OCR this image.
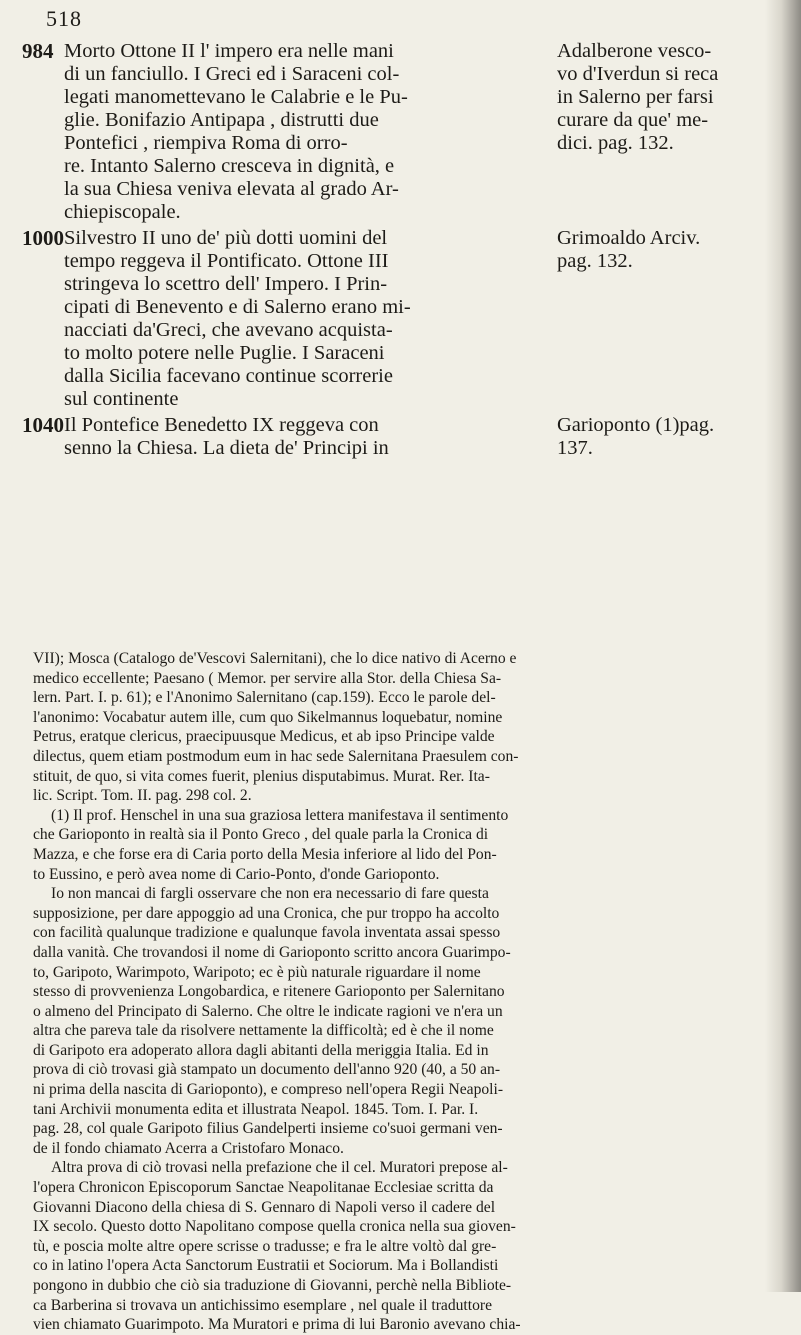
518
984 Morto Ottone II l' impero era nelle mani
di un fanciullo. I Greci ed i Saraceni col-
legati manomettevano le Calabrie e le Pu-
glie. Bonifazio Antipapa , distrutti due
Pontefici , riempiva Roma di orro-
re. Intanto Salerno cresceva in dignità, e
la sua Chiesa veniva elevata al grado Ar-
chiepiscopale.
Adalberone vesco-
vo d'Iverdun si reca
in Salerno per farsi
curare da que' me-
dici. pag. 132.
1000 Silvestro II uno de' più dotti uomini del
tempo reggeva il Pontificato. Ottone III
stringeva lo scettro dell' Impero. I Prin-
cipati di Benevento e di Salerno erano mi-
nacciati da'Greci, che avevano acquista-
to molto potere nelle Puglie. I Saraceni
dalla Sicilia facevano continue scorrerie
sul continente
Grimoaldo Arciv.
pag. 132.
1040 Il Pontefice Benedetto IX reggeva con
senno la Chiesa. La dieta de' Principi in
Garioponto (1)pag.
137.
VII); Mosca (Catalogo de'Vescovi Salernitani), che lo dice nativo di Acerno e
medico eccellente; Paesano ( Memor. per servire alla Stor. della Chiesa Sa-
lern. Part. I. p. 61); e l'Anonimo Salernitano (cap.159). Ecco le parole del-
l'anonimo: Vocabatur autem ille, cum quo Sikelmannus loquebatur, nomine
Petrus, eratque clericus, praecipuusque Medicus, et ab ipso Principe valde
dilectus, quem etiam postmodum eum in hac sede Salernitana Praesulem con-
stituit, de quo, si vita comes fuerit, plenius disputabimus. Murat. Rer. Ita-
lic. Script. Tom. II. pag. 298 col. 2.
(1) Il prof. Henschel in una sua graziosa lettera manifestava il sentimento
che Garioponto in realtà sia il Ponto Greco , del quale parla la Cronica di
Mazza, e che forse era di Caria porto della Mesia inferiore al lido del Pon-
to Eussino, e però avea nome di Cario-Ponto, d'onde Garioponto.
Io non mancai di fargli osservare che non era necessario di fare questa
supposizione, per dare appoggio ad una Cronica, che pur troppo ha accolto
con facilità qualunque tradizione e qualunque favola inventata assai spesso
dalla vanità. Che trovandosi il nome di Garioponto scritto ancora Guarimpo-
to, Garipoto, Warimpoto, Waripoto; ec è più naturale riguardare il nome
stesso di provvenienza Longobardica, e ritenere Garioponto per Salernitano
o almeno del Principato di Salerno. Che oltre le indicate ragioni ve n'era un
altra che pareva tale da risolvere nettamente la difficoltà; ed è che il nome
di Garipoto era adoperato allora dagli abitanti della meriggia Italia. Ed in
prova di ciò trovasi già stampato un documento dell'anno 920 (40, a 50 an-
ni prima della nascita di Garioponto), e compreso nell'opera Regii Neapoli-
tani Archivii monumenta edita et illustrata Neapol. 1845. Tom. I. Par. I.
pag. 28, col quale Garipoto filius Gandelperti insieme co'suoi germani ven-
de il fondo chiamato Acerra a Cristofaro Monaco.
Altra prova di ciò trovasi nella prefazione che il cel. Muratori prepose al-
l'opera Chronicon Episcoporum Sanctae Neapolitanae Ecclesiae scritta da
Giovanni Diacono della chiesa di S. Gennaro di Napoli verso il cadere del
IX secolo. Questo dotto Napolitano compose quella cronica nella sua gioven-
tù, e poscia molte altre opere scrisse o tradusse; e fra le altre voltò dal gre-
co in latino l'opera Acta Sanctorum Eustratii et Sociorum. Ma i Bollandisti
pongono in dubbio che ciò sia traduzione di Giovanni, perchè nella Bibliote-
ca Barberina si trovava un antichissimo esemplare , nel quale il traduttore
vien chiamato Guarimpoto. Ma Muratori e prima di lui Baronio avevano chia-
